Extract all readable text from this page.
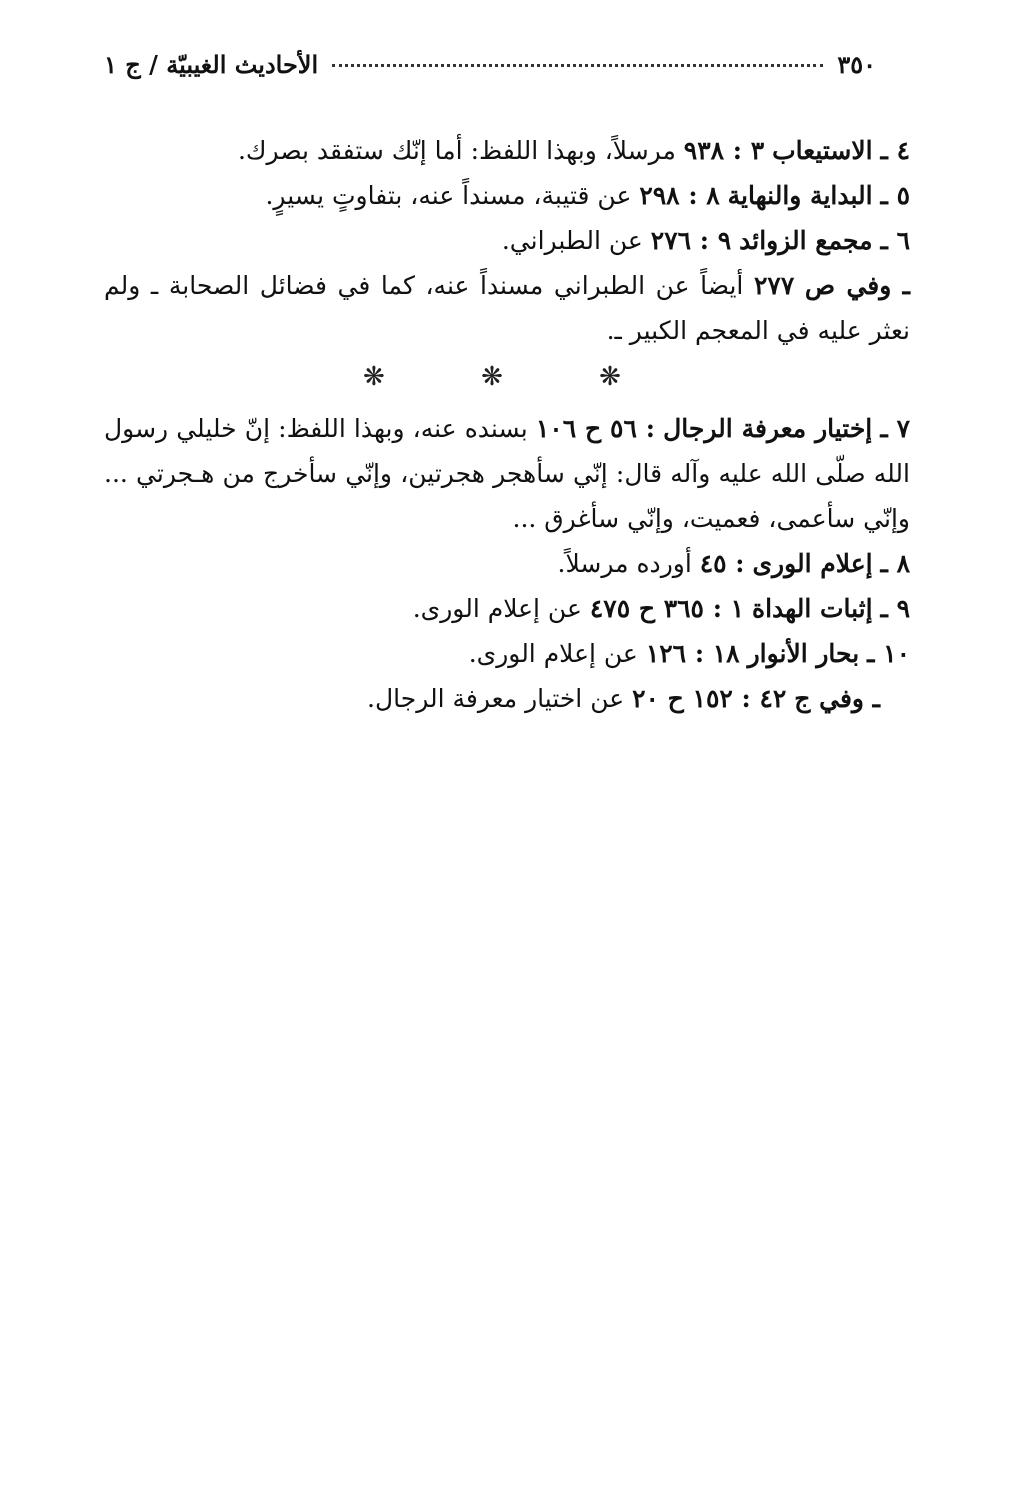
٣٥٠
الأحاديث الغيبيّة / ج ١

٤ ـ الاستيعاب ٣ : ٩٣٨ مرسلاً، وبهذا اللفظ: أما إنّك ستفقد بصرك.

٥ ـ البداية والنهاية ٨ : ٢٩٨ عن قتيبة، مسنداً عنه، بتفاوتٍ يسيرٍ.

٦ ـ مجمع الزوائد ٩ : ٢٧٦ عن الطبراني.

ـ وفي ص ٢٧٧ أيضاً عن الطبراني مسنداً عنه، كما في فضائل الصحابة ـ ولم نعثر عليه في المعجم الكبير ـ.

❋ ❋ ❋

٧ ـ إختيار معرفة الرجال : ٥٦ ح ١٠٦ بسنده عنه، وبهذا اللفظ: إنّ خليلي رسول الله صلّى الله عليه وآله قال: إنّي سأهجر هجرتين، وإنّي سأخرج من هـجرتي ... وإنّي سأعمى، فعميت، وإنّي سأغرق ...

٨ ـ إعلام الورى : ٤٥ أورده مرسلاً.

٩ ـ إثبات الهداة ١ : ٣٦٥ ح ٤٧٥ عن إعلام الورى.

١٠ ـ بحار الأنوار ١٨ : ١٢٦ عن إعلام الورى.

ـ وفي ج ٤٢ : ١٥٢ ح ٢٠ عن اختيار معرفة الرجال.
